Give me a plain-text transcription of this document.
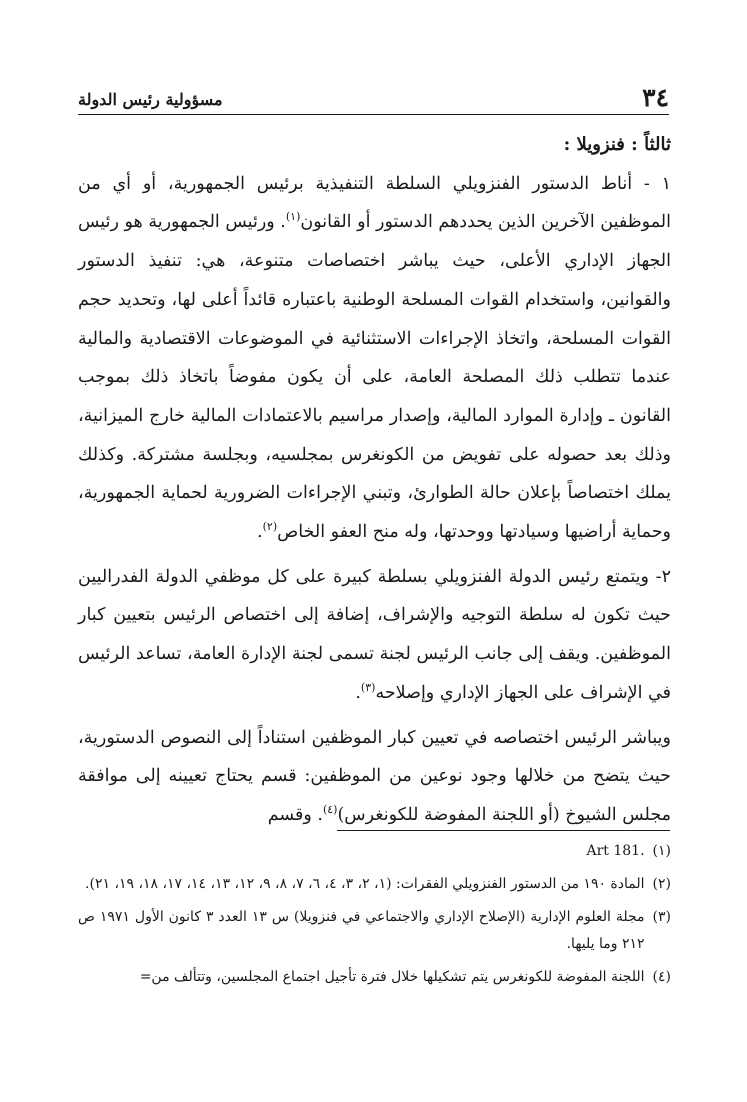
٣٤
مسؤولية رئيس الدولة

ثالثاً : فنزويلا :

١ - أناط الدستور الفنزويلي السلطة التنفيذية برئيس الجمهورية، أو أي من الموظفين الآخرين الذين يحددهم الدستور أو القانون$^{(١)}$. ورئيس الجمهورية هو رئيس الجهاز الإداري الأعلى، حيث يباشر اختصاصات متنوعة، هي: تنفيذ الدستور والقوانين، واستخدام القوات المسلحة الوطنية باعتباره قائداً أعلى لها، وتحديد حجم القوات المسلحة، واتخاذ الإجراءات الاستثنائية في الموضوعات الاقتصادية والمالية عندما تتطلب ذلك المصلحة العامة، على أن يكون مفوضاً باتخاذ ذلك بموجب القانون ـ وإدارة الموارد المالية، وإصدار مراسيم بالاعتمادات المالية خارج الميزانية، وذلك بعد حصوله على تفويض من الكونغرس بمجلسيه، وبجلسة مشتركة. وكذلك يملك اختصاصاً بإعلان حالة الطوارئ، وتبني الإجراءات الضرورية لحماية الجمهورية، وحماية أراضيها وسيادتها ووحدتها، وله منح العفو الخاص$^{(٢)}$.

٢- ويتمتع رئيس الدولة الفنزويلي بسلطة كبيرة على كل موظفي الدولة الفدراليين حيث تكون له سلطة التوجيه والإشراف، إضافة إلى اختصاص الرئيس بتعيين كبار الموظفين. ويقف إلى جانب الرئيس لجنة تسمى لجنة الإدارة العامة، تساعد الرئيس في الإشراف على الجهاز الإداري وإصلاحه$^{(٣)}$.

ويباشر الرئيس اختصاصه في تعيين كبار الموظفين استناداً إلى النصوص الدستورية، حيث يتضح من خلالها وجود نوعين من الموظفين: قسم يحتاج تعيينه إلى موافقة مجلس الشيوخ (أو اللجنة المفوضة للكونغرس)$^{(٤)}$. وقسم

(١)
Art 181.

(٢)
المادة ١٩٠ من الدستور الفنزويلي الفقرات: (١، ٢، ٣، ٤، ٦، ٧، ٨، ٩، ١٢، ١٣، ١٤، ١٧، ١٨، ١٩، ٢١).

(٣)
مجلة العلوم الإدارية (الإصلاح الإداري والاجتماعي في فنزويلا) س ١٣ العدد ٣ كانون الأول ١٩٧١ ص ٢١٢ وما يليها.

(٤)
اللجنة المفوضة للكونغرس يتم تشكيلها خلال فترة تأجيل اجتماع المجلسين، وتتألف من=
